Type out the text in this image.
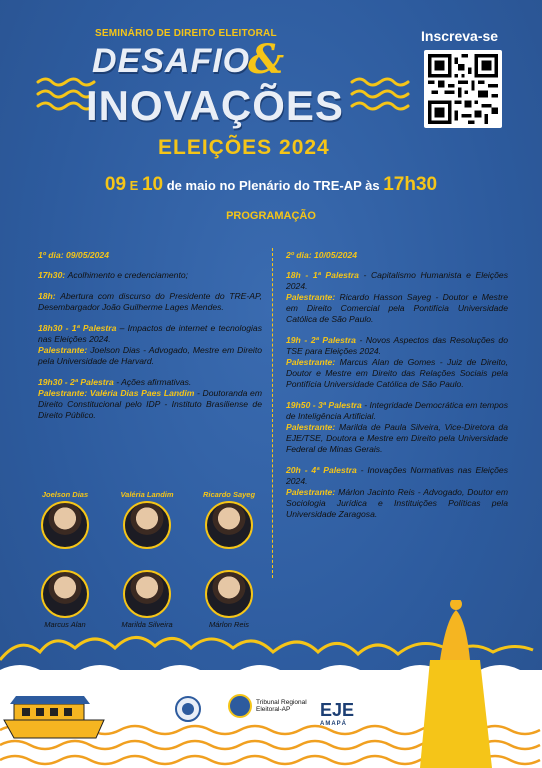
SEMINÁRIO DE DIREITO ELEITORAL
DESAFIO
&
INOVAÇÕES
ELEIÇÕES 2024
Inscreva-se
09 E 10 de maio no Plenário do TRE-AP às 17h30
PROGRAMAÇÃO
1º dia: 09/05/2024
17h30: Acolhimento e credenciamento;
18h: Abertura com discurso do Presidente do TRE-AP, Desembargador João Guilherme Lages Mendes.
18h30 - 1ª Palestra – Impactos de internet e tecnologias nas Eleições 2024.
Palestrante: Joelson Dias - Advogado, Mestre em Direito pela Universidade de Harvard.
19h30 - 2ª Palestra - Ações afirmativas.
Palestrante: Valéria Dias Paes Landim - Doutoranda em Direito Constitucional pelo IDP - Instituto Brasiliense de Direito Público.
2º dia: 10/05/2024
18h - 1ª Palestra - Capitalismo Humanista e Eleições 2024.
Palestrante: Ricardo Hasson Sayeg - Doutor e Mestre em Direito Comercial pela Pontifícia Universidade Católica de São Paulo.
19h - 2ª Palestra - Novos Aspectos das Resoluções do TSE para Eleições 2024.
Palestrante: Marcus Alan de Gomes - Juiz de Direito, Doutor e Mestre em Direito das Relações Sociais pela Pontifícia Universidade Católica de São Paulo.
19h50 - 3ª Palestra - Integridade Democrática em tempos de Inteligência Artificial.
Palestrante: Marilda de Paula Silveira, Vice-Diretora da EJE/TSE, Doutora e Mestre em Direito pela Universidade Federal de Minas Gerais.
20h - 4ª Palestra - Inovações Normativas nas Eleições 2024.
Palestrante: Márlon Jacinto Reis - Advogado, Doutor em Sociologia Jurídica e Instituições Políticas pela Universidade Zaragosa.
Joelson Dias	Valéria Landim	Ricardo Sayeg
Marcus Alan	Marilda Silveira	Márlon Reis
Tribunal Regional Eleitoral-AP	EJE
AMAPÁ
